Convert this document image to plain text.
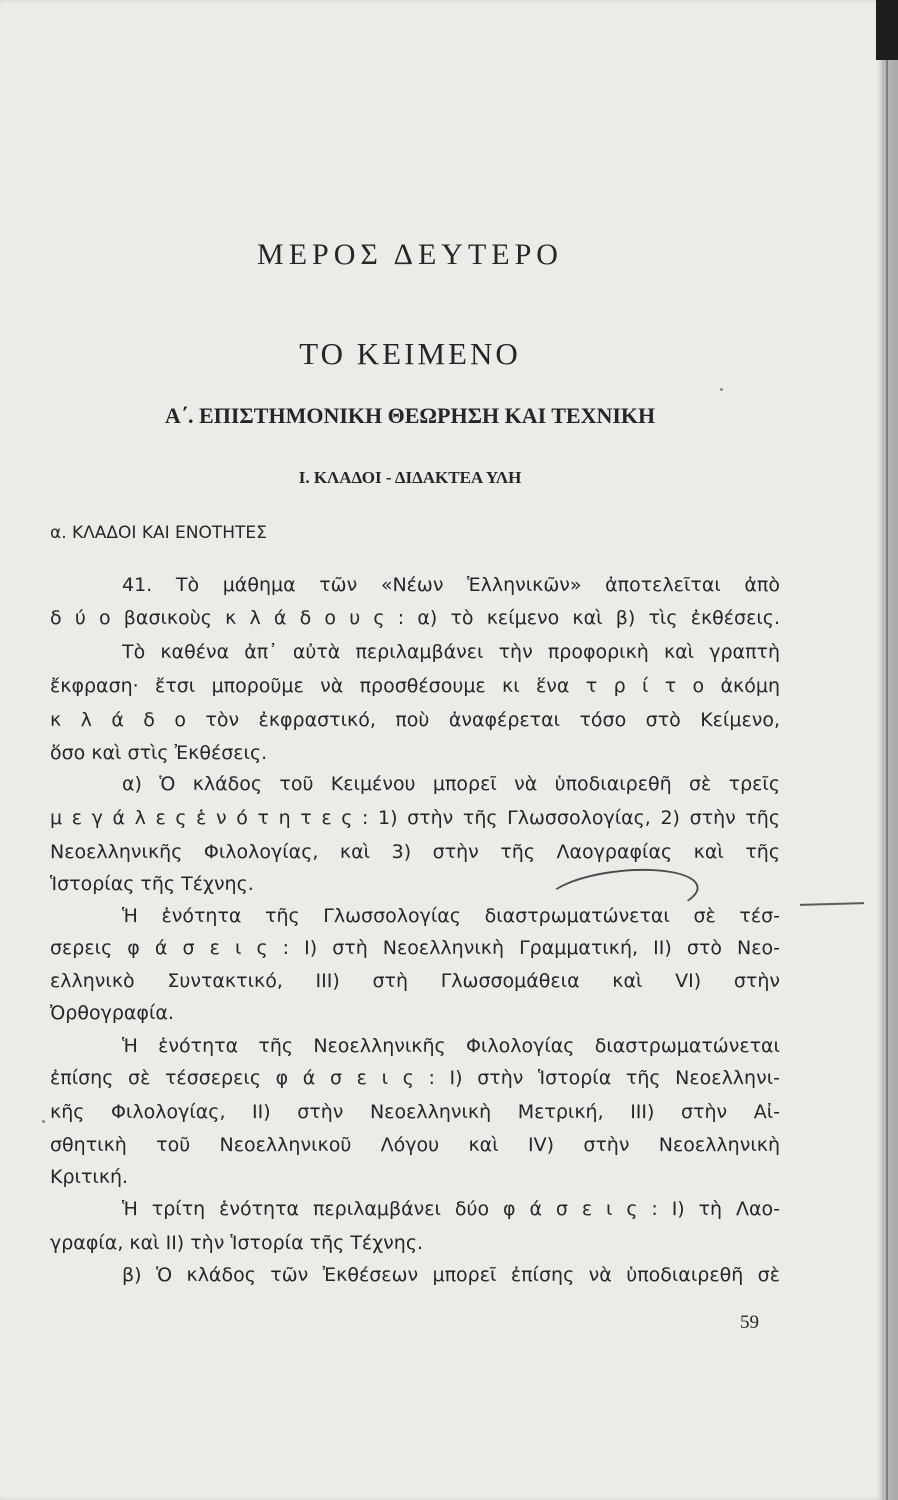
ΜΕΡΟΣ ΔΕΥΤΕΡΟ
ΤΟ ΚΕΙΜΕΝΟ
Α΄. ΕΠΙΣΤΗΜΟΝΙΚΗ ΘΕΩΡΗΣΗ ΚΑΙ ΤΕΧΝΙΚΗ
Ι. ΚΛΑΔΟΙ - ΔΙΔΑΚΤΕΑ ΥΛΗ
α. ΚΛΑΔΟΙ ΚΑΙ ΕΝΟΤΗΤΕΣ
41. Τὸ μάθημα τῶν «Νέων Ἑλληνικῶν» ἀποτελεῖται ἀπὸ
δ ύ ο βασικοὺς κ λ ά δ ο υ ς : α) τὸ κείμενο καὶ β) τὶς ἐκθέσεις.
Τὸ καθένα ἀπ᾿ αὐτὰ περιλαμβάνει τὴν προφορικὴ καὶ γραπτὴ
ἔκφραση· ἔτσι μποροῦμε νὰ προσθέσουμε κι ἕνα τ ρ ί τ ο ἀκόμη
κ λ ά δ ο τὸν ἐκφραστικό, ποὺ ἀναφέρεται τόσο στὸ Κείμενο,
ὅσο καὶ στὶς Ἐκθέσεις.
α) Ὁ κλάδος τοῦ Κειμένου μπορεῖ νὰ ὑποδιαιρεθῆ σὲ τρεῖς
μ ε γ ά λ ε ς ἑ ν ό τ η τ ε ς : 1) στὴν τῆς Γλωσσολογίας, 2) στὴν τῆς
Νεοελληνικῆς Φιλολογίας, καὶ 3) στὴν τῆς Λαογραφίας καὶ τῆς
Ἱστορίας τῆς Τέχνης.
Ἡ ἑνότητα τῆς Γλωσσολογίας διαστρωματώνεται σὲ τέσ-
σερεις φ ά σ ε ι ς : Ι) στὴ Νεοελληνικὴ Γραμματική, ΙΙ) στὸ Νεο-
ελληνικὸ Συντακτικό, ΙΙΙ) στὴ Γλωσσομάθεια καὶ VI) στὴν
Ὀρθογραφία.
Ἡ ἑνότητα τῆς Νεοελληνικῆς Φιλολογίας διαστρωματώνεται
ἐπίσης σὲ τέσσερεις φ ά σ ε ι ς : Ι) στὴν Ἱστορία τῆς Νεοελληνι-
κῆς Φιλολογίας, ΙΙ) στὴν Νεοελληνικὴ Μετρική, ΙΙΙ) στὴν Αἰ-
σθητικὴ τοῦ Νεοελληνικοῦ Λόγου καὶ ΙV) στὴν Νεοελληνικὴ
Κριτική.
Ἡ τρίτη ἑνότητα περιλαμβάνει δύο φ ά σ ε ι ς : Ι) τὴ Λαο-
γραφία, καὶ ΙΙ) τὴν Ἱστορία τῆς Τέχνης.
β) Ὁ κλάδος τῶν Ἐκθέσεων μπορεῖ ἐπίσης νὰ ὑποδιαιρεθῆ σὲ
59
